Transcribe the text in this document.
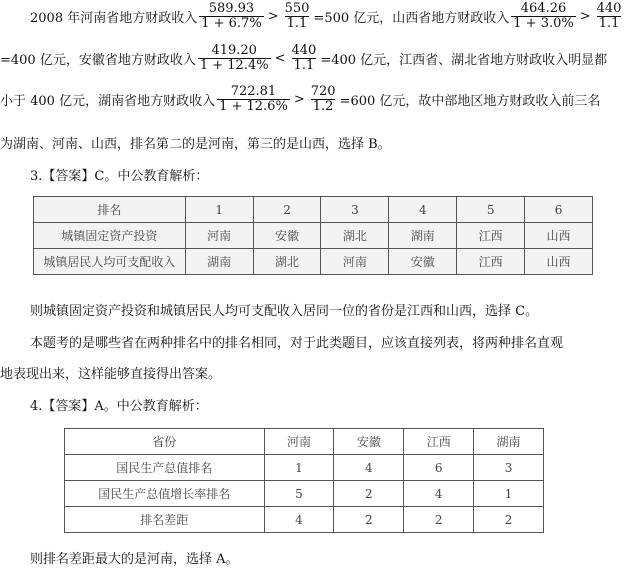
2008 年河南省地方财政收入 $\frac{589.93}{1 + 6.7\%} > \frac{550}{1.1} =500$ 亿元，山西省地方财政收入 $\frac{464.26}{1 + 3.0\%} > \frac{440}{1.1}$
=400 亿元，安徽省地方财政收入 $\frac{419.20}{1 + 12.4\%} < \frac{440}{1.1} =400$ 亿元，江西省、湖北省地方财政收入明显都
小于 400 亿元，湖南省地方财政收入 $\frac{722.81}{1 + 12.6\%} > \frac{720}{1.2} =600$ 亿元，故中部地区地方财政收入前三名
为湖南、河南、山西，排名第二的是河南，第三的是山西，选择 B。
3.【答案】C。中公教育解析：
排名	1	2	3	4	5	6
城镇固定资产投资	河南	安徽	湖北	湖南	江西	山西
城镇居民人均可支配收入	湖南	湖北	河南	安徽	江西	山西
则城镇固定资产投资和城镇居民人均可支配收入居同一位的省份是江西和山西，选择 C。
本题考的是哪些省在两种排名中的排名相同，对于此类题目，应该直接列表，将两种排名直观
地表现出来，这样能够直接得出答案。
4.【答案】A。中公教育解析：
省份	河南	安徽	江西	湖南
国民生产总值排名	1	4	6	3
国民生产总值增长率排名	5	2	4	1
排名差距	4	2	2	2
则排名差距最大的是河南，选择 A。
